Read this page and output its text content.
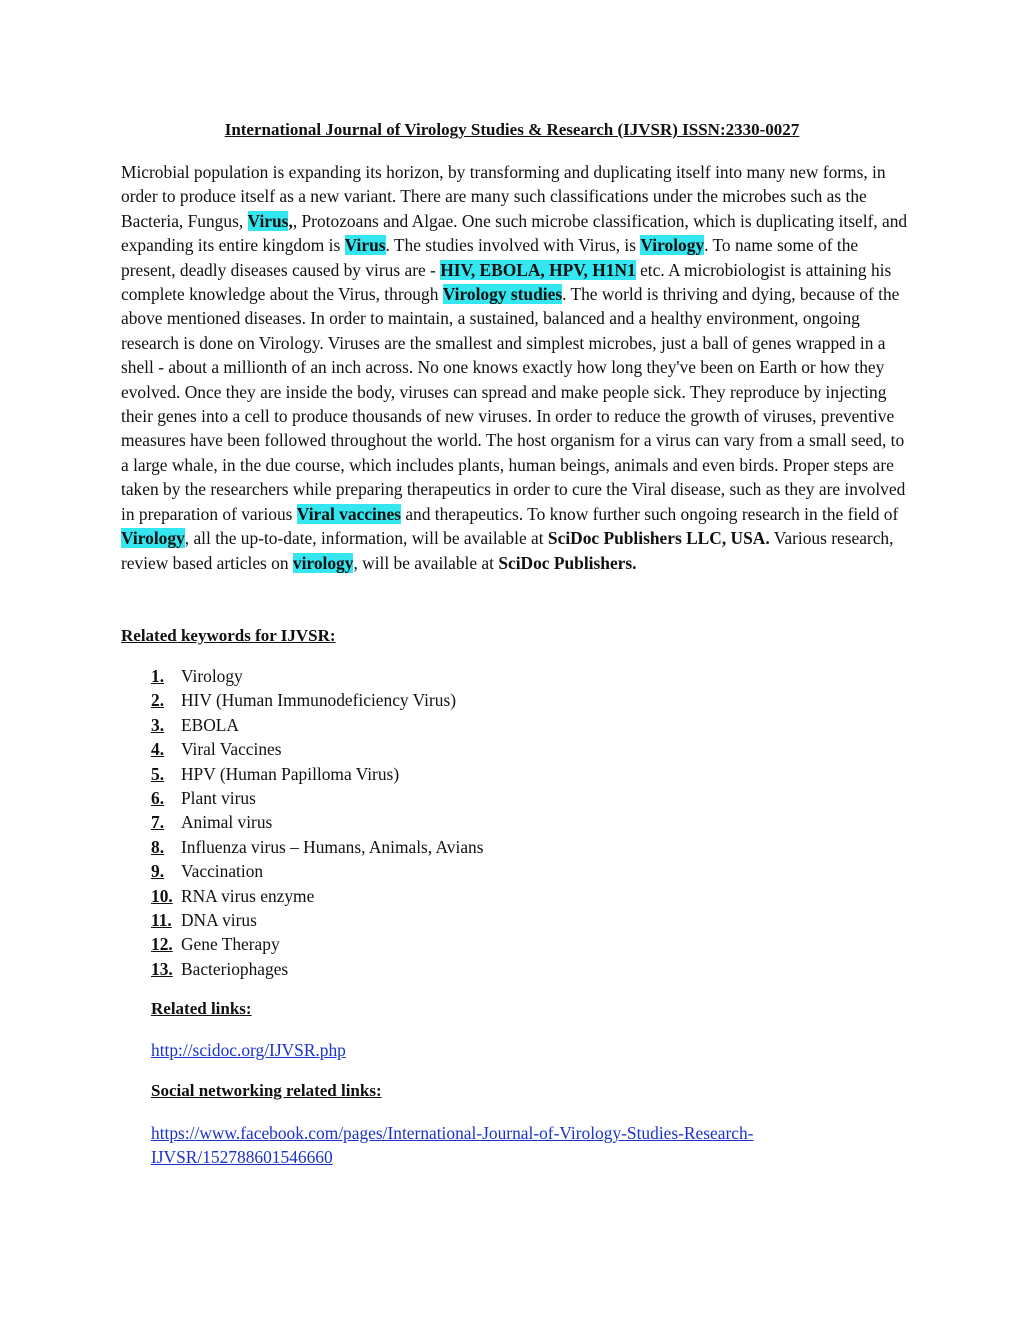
International Journal of Virology Studies & Research (IJVSR) ISSN:2330-0027

Microbial population is expanding its horizon, by transforming and duplicating itself into many new forms, in order to produce itself as a new variant. There are many such classifications under the microbes such as the Bacteria, Fungus, Virus,, Protozoans and Algae. One such microbe classification, which is duplicating itself, and expanding its entire kingdom is Virus. The studies involved with Virus, is Virology. To name some of the present, deadly diseases caused by virus are - HIV, EBOLA, HPV, H1N1 etc. A microbiologist is attaining his complete knowledge about the Virus, through Virology studies. The world is thriving and dying, because of the above mentioned diseases. In order to maintain, a sustained, balanced and a healthy environment, ongoing research is done on Virology. Viruses are the smallest and simplest microbes, just a ball of genes wrapped in a shell - about a millionth of an inch across. No one knows exactly how long they've been on Earth or how they evolved. Once they are inside the body, viruses can spread and make people sick. They reproduce by injecting their genes into a cell to produce thousands of new viruses. In order to reduce the growth of viruses, preventive measures have been followed throughout the world. The host organism for a virus can vary from a small seed, to a large whale, in the due course, which includes plants, human beings, animals and even birds. Proper steps are taken by the researchers while preparing therapeutics in order to cure the Viral disease, such as they are involved in preparation of various Viral vaccines and therapeutics. To know further such ongoing research in the field of Virology, all the up-to-date, information, will be available at SciDoc Publishers LLC, USA. Various research, review based articles on virology, will be available at SciDoc Publishers.

Related keywords for IJVSR:
1. Virology
2. HIV (Human Immunodeficiency Virus)
3. EBOLA
4. Viral Vaccines
5. HPV (Human Papilloma Virus)
6. Plant virus
7. Animal virus
8. Influenza virus – Humans, Animals, Avians
9. Vaccination
10. RNA virus enzyme
11. DNA virus
12. Gene Therapy
13. Bacteriophages
Related links:
http://scidoc.org/IJVSR.php
Social networking related links:
https://www.facebook.com/pages/International-Journal-of-Virology-Studies-Research-
IJVSR/152788601546660
